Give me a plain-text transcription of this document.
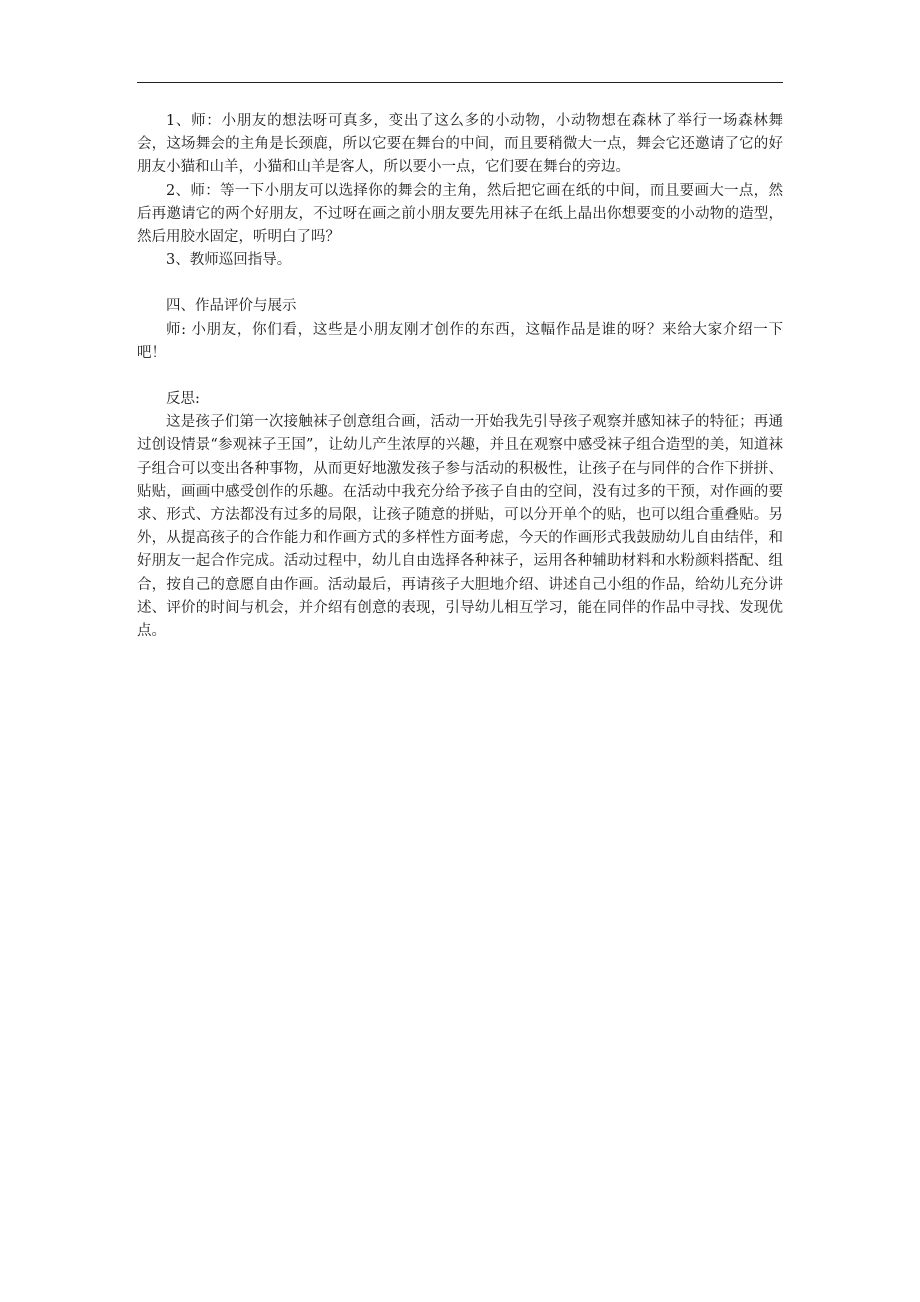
1、师：小朋友的想法呀可真多，变出了这么多的小动物，小动物想在森林了举行一场森林舞会，这场舞会的主角是长颈鹿，所以它要在舞台的中间，而且要稍微大一点，舞会它还邀请了它的好朋友小猫和山羊，小猫和山羊是客人，所以要小一点，它们要在舞台的旁边。

2、师：等一下小朋友可以选择你的舞会的主角，然后把它画在纸的中间，而且要画大一点，然后再邀请它的两个好朋友，不过呀在画之前小朋友要先用袜子在纸上晶出你想要变的小动物的造型，然后用胶水固定，听明白了吗？

3、教师巡回指导。

四、作品评价与展示

师: 小朋友，你们看，这些是小朋友刚才创作的东西，这幅作品是谁的呀？来给大家介绍一下吧！

反思:

这是孩子们第一次接触袜子创意组合画，活动一开始我先引导孩子观察并感知袜子的特征；再通过创设情景“参观袜子王国”，让幼儿产生浓厚的兴趣，并且在观察中感受袜子组合造型的美，知道袜子组合可以变出各种事物，从而更好地激发孩子参与活动的积极性，让孩子在与同伴的合作下拼拼、贴贴，画画中感受创作的乐趣。在活动中我充分给予孩子自由的空间，没有过多的干预，对作画的要求、形式、方法都没有过多的局限，让孩子随意的拼贴，可以分开单个的贴，也可以组合重叠贴。另外，从提高孩子的合作能力和作画方式的多样性方面考虑，今天的作画形式我鼓励幼儿自由结伴，和好朋友一起合作完成。活动过程中，幼儿自由选择各种袜子，运用各种辅助材料和水粉颜料搭配、组合，按自己的意愿自由作画。活动最后，再请孩子大胆地介绍、讲述自己小组的作品，给幼儿充分讲述、评价的时间与机会，并介绍有创意的表现，引导幼儿相互学习，能在同伴的作品中寻找、发现优点。
